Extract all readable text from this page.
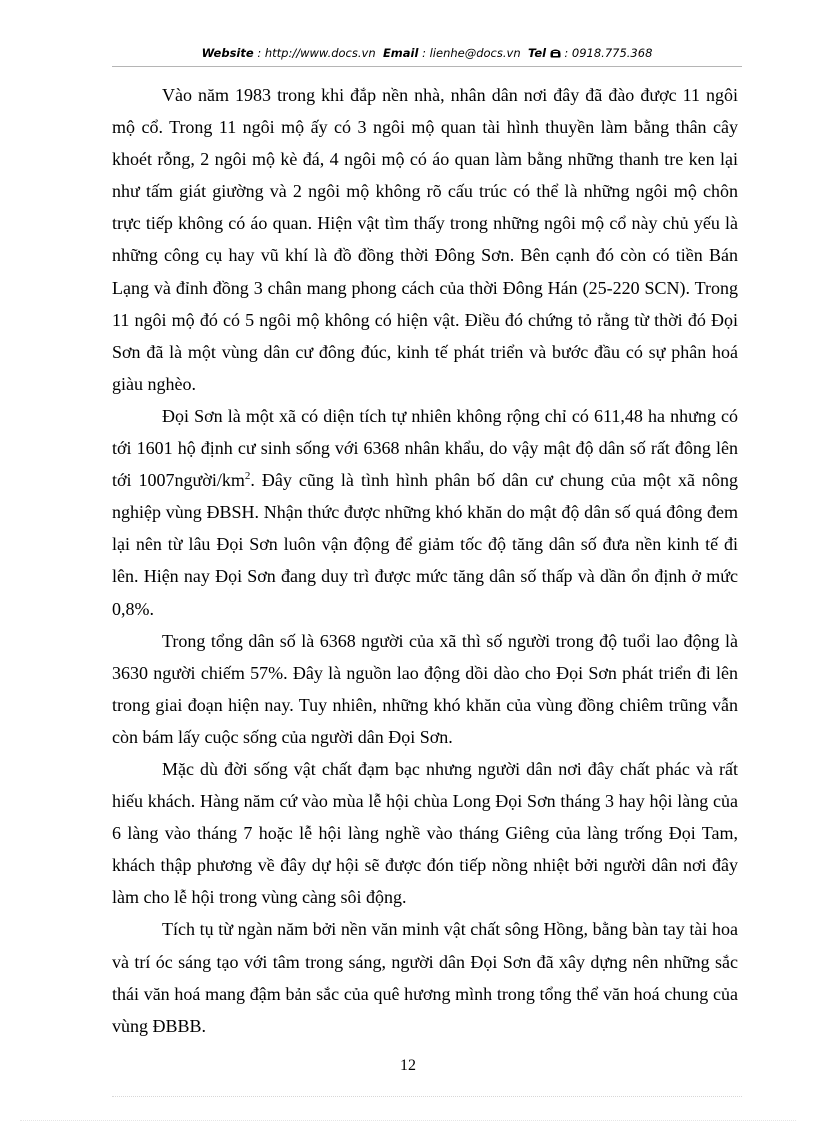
Website : http://www.docs.vn Email : lienhe@docs.vn Tel : 0918.775.368

Vào năm 1983 trong khi đắp nền nhà, nhân dân nơi đây đã đào được 11 ngôi mộ cổ. Trong 11 ngôi mộ ấy có 3 ngôi mộ quan tài hình thuyền làm bằng thân cây khoét rỗng, 2 ngôi mộ kè đá, 4 ngôi mộ có áo quan làm bằng những thanh tre ken lại như tấm giát giường và 2 ngôi mộ không rõ cấu trúc có thể là những ngôi mộ chôn trực tiếp không có áo quan. Hiện vật tìm thấy trong những ngôi mộ cổ này chủ yếu là những công cụ hay vũ khí là đồ đồng thời Đông Sơn. Bên cạnh đó còn có tiền Bán Lạng và đỉnh đồng 3 chân mang phong cách của thời Đông Hán (25-220 SCN). Trong 11 ngôi mộ đó có 5 ngôi mộ không có hiện vật. Điều đó chứng tỏ rằng từ thời đó Đọi Sơn đã là một vùng dân cư đông đúc, kinh tế phát triển và bước đầu có sự phân hoá giàu nghèo.

Đọi Sơn là một xã có diện tích tự nhiên không rộng chỉ có 611,48 ha nhưng có tới 1601 hộ định cư sinh sống với 6368 nhân khẩu, do vậy mật độ dân số rất đông lên tới $1007người/km^2$. Đây cũng là tình hình phân bố dân cư chung của một xã nông nghiệp vùng ĐBSH. Nhận thức được những khó khăn do mật độ dân số quá đông đem lại nên từ lâu Đọi Sơn luôn vận động để giảm tốc độ tăng dân số đưa nền kinh tế đi lên. Hiện nay Đọi Sơn đang duy trì được mức tăng dân số thấp và dần ổn định ở mức 0,8%.

Trong tổng dân số là 6368 người của xã thì số người trong độ tuổi lao động là 3630 người chiếm 57%. Đây là nguồn lao động dồi dào cho Đọi Sơn phát triển đi lên trong giai đoạn hiện nay. Tuy nhiên, những khó khăn của vùng đồng chiêm trũng vẫn còn bám lấy cuộc sống của người dân Đọi Sơn.

Mặc dù đời sống vật chất đạm bạc nhưng người dân nơi đây chất phác và rất hiếu khách. Hàng năm cứ vào mùa lễ hội chùa Long Đọi Sơn tháng 3 hay hội làng của 6 làng vào tháng 7 hoặc lễ hội làng nghề vào tháng Giêng của làng trống Đọi Tam, khách thập phương về đây dự hội sẽ được đón tiếp nồng nhiệt bởi người dân nơi đây làm cho lễ hội trong vùng càng sôi động.

Tích tụ từ ngàn năm bởi nền văn minh vật chất sông Hồng, bằng bàn tay tài hoa và trí óc sáng tạo với tâm trong sáng, người dân Đọi Sơn đã xây dựng nên những sắc thái văn hoá mang đậm bản sắc của quê hương mình trong tổng thể văn hoá chung của vùng ĐBBB.

12
